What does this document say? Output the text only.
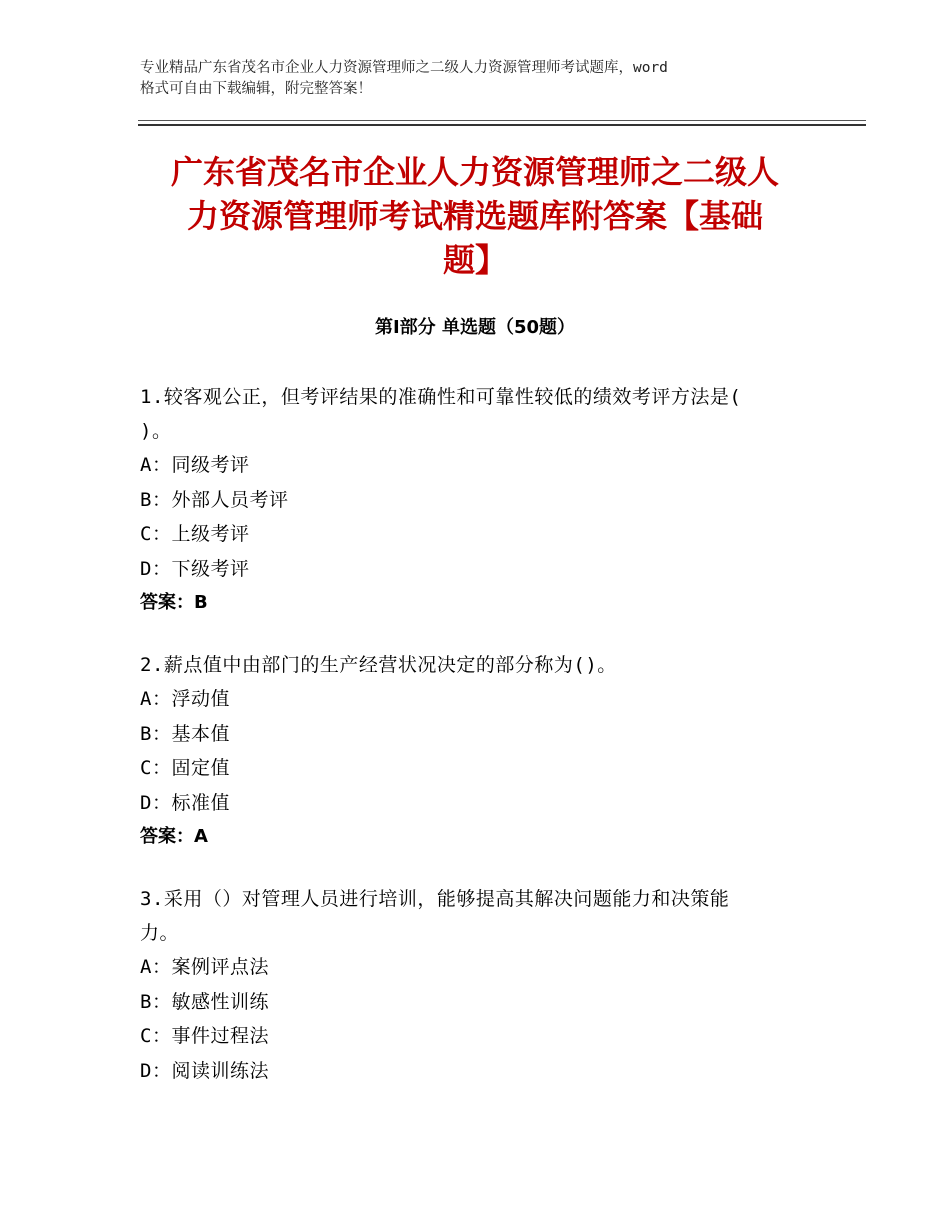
专业精品广东省茂名市企业人力资源管理师之二级人力资源管理师考试题库，word
格式可自由下载编辑，附完整答案！
广东省茂名市企业人力资源管理师之二级人
力资源管理师考试精选题库附答案【基础
题】
第Ⅰ部分 单选题（50题）
1.较客观公正，但考评结果的准确性和可靠性较低的绩效考评方法是(
)。
A：同级考评
B：外部人员考评
C：上级考评
D：下级考评
答案：B
2.薪点值中由部门的生产经营状况决定的部分称为()。
A：浮动值
B：基本值
C：固定值
D：标准值
答案：A
3.采用（）对管理人员进行培训，能够提高其解决问题能力和决策能
力。
A：案例评点法
B：敏感性训练
C：事件过程法
D：阅读训练法
